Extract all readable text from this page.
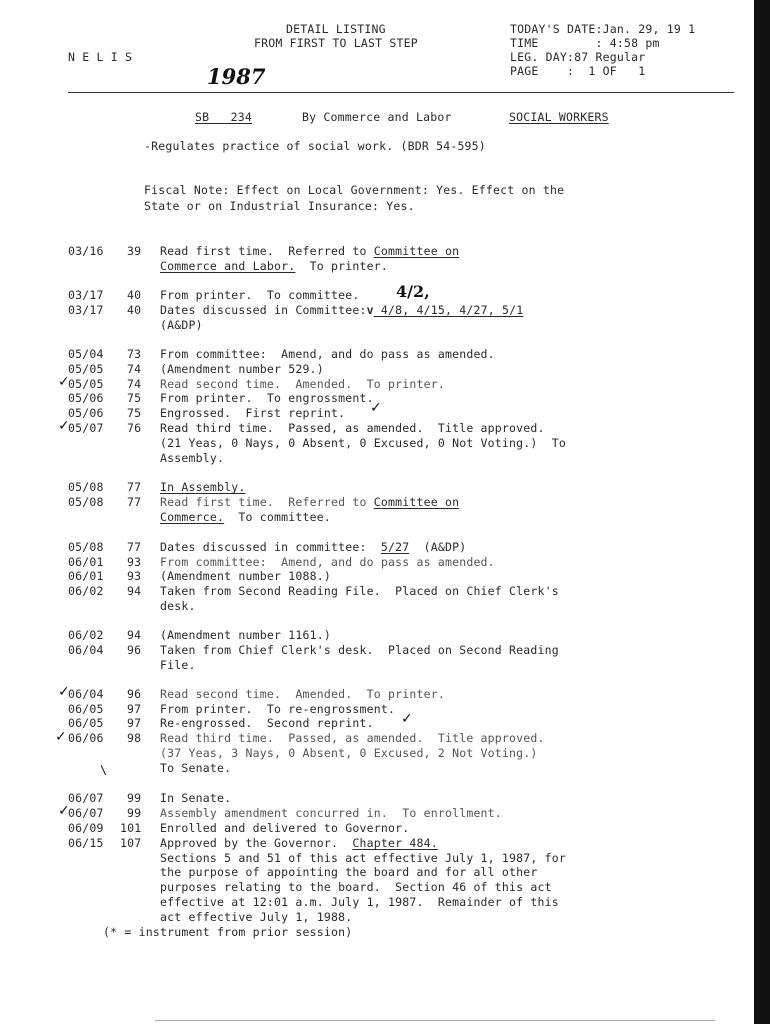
N E L I S
DETAIL LISTING
FROM FIRST TO LAST STEP
TODAY'S DATE:Jan. 29, 19 1
TIME        : 4:58 pm
LEG. DAY:87 Regular
PAGE    :  1 OF   1
1987
SB   234	By Commerce and Labor	SOCIAL WORKERS
-Regulates practice of social work. (BDR 54-595)
Fiscal Note: Effect on Local Government: Yes. Effect on the
State or on Industrial Insurance: Yes.
03/16 39 Read first time.  Referred to Committee on
Commerce and Labor.  To printer.
03/17 40 From printer.  To committee. 4/2,
03/17 40 Dates discussed in Committee:v 4/8, 4/15, 4/27, 5/1
(A&DP)
05/04 73 From committee:  Amend, and do pass as amended.
05/05 74 (Amendment number 529.)
✓
05/05 74 Read second time.  Amended.  To printer.
05/06 75 From printer.  To engrossment.
05/06 75 Engrossed.  First reprint. ✓
✓
05/07 76 Read third time.  Passed, as amended.  Title approved.
(21 Yeas, 0 Nays, 0 Absent, 0 Excused, 0 Not Voting.)  To
Assembly.
05/08 77 In Assembly.
05/08 77 Read first time.  Referred to Committee on
Commerce.  To committee.
05/08 77 Dates discussed in committee:  5/27  (A&DP)
06/01 93 From committee:  Amend, and do pass as amended.
06/01 93 (Amendment number 1088.)
06/02 94 Taken from Second Reading File.  Placed on Chief Clerk's
desk.
06/02 94 (Amendment number 1161.)
06/04 96 Taken from Chief Clerk's desk.  Placed on Second Reading
File.
✓
06/04 96 Read second time.  Amended.  To printer.
06/05 97 From printer.  To re-engrossment.
06/05 97 Re-engrossed.  Second reprint. ✓
✓ 06/06 98 Read third time.  Passed, as amended.  Title approved.
(37 Yeas, 3 Nays, 0 Absent, 0 Excused, 2 Not Voting.)
To Senate.
\
06/07 99 In Senate.
✓
06/07 99 Assembly amendment concurred in.  To enrollment.
06/09 101 Enrolled and delivered to Governor.
06/15 107 Approved by the Governor.  Chapter 484.
Sections 5 and 51 of this act effective July 1, 1987, for
the purpose of appointing the board and for all other
purposes relating to the board.  Section 46 of this act
effective at 12:01 a.m. July 1, 1987.  Remainder of this
act effective July 1, 1988.
(* = instrument from prior session)
